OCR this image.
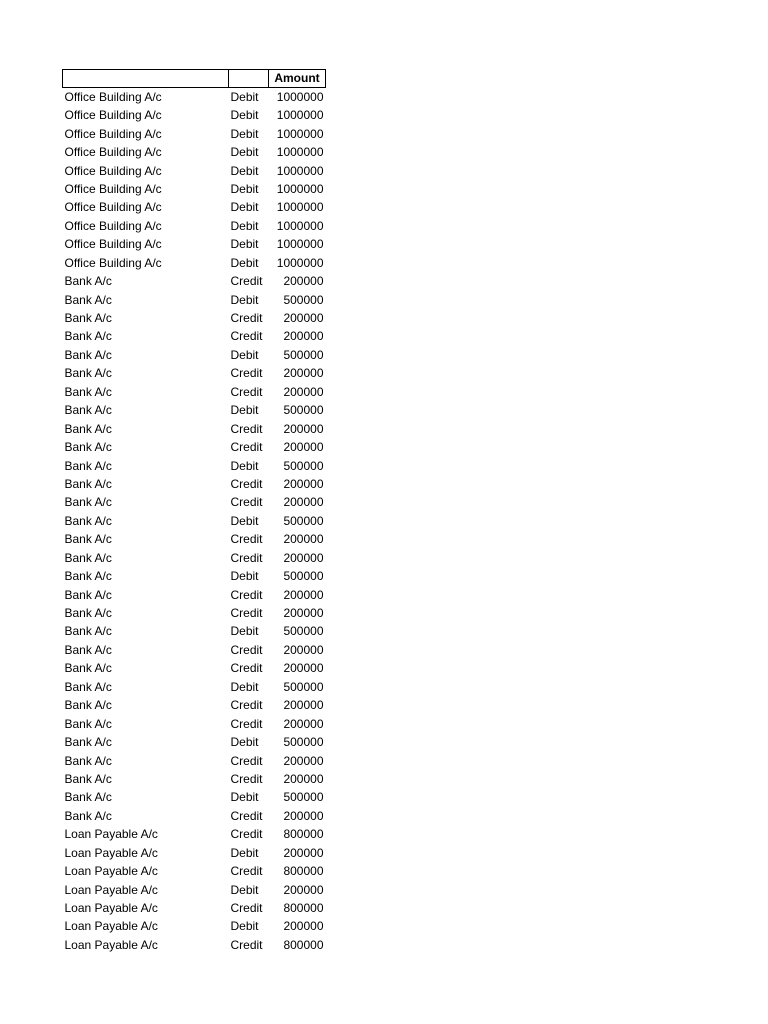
		Amount
Office Building A/c	Debit	1000000
Office Building A/c	Debit	1000000
Office Building A/c	Debit	1000000
Office Building A/c	Debit	1000000
Office Building A/c	Debit	1000000
Office Building A/c	Debit	1000000
Office Building A/c	Debit	1000000
Office Building A/c	Debit	1000000
Office Building A/c	Debit	1000000
Office Building A/c	Debit	1000000
Bank A/c	Credit	200000
Bank A/c	Debit	500000
Bank A/c	Credit	200000
Bank A/c	Credit	200000
Bank A/c	Debit	500000
Bank A/c	Credit	200000
Bank A/c	Credit	200000
Bank A/c	Debit	500000
Bank A/c	Credit	200000
Bank A/c	Credit	200000
Bank A/c	Debit	500000
Bank A/c	Credit	200000
Bank A/c	Credit	200000
Bank A/c	Debit	500000
Bank A/c	Credit	200000
Bank A/c	Credit	200000
Bank A/c	Debit	500000
Bank A/c	Credit	200000
Bank A/c	Credit	200000
Bank A/c	Debit	500000
Bank A/c	Credit	200000
Bank A/c	Credit	200000
Bank A/c	Debit	500000
Bank A/c	Credit	200000
Bank A/c	Credit	200000
Bank A/c	Debit	500000
Bank A/c	Credit	200000
Bank A/c	Credit	200000
Bank A/c	Debit	500000
Bank A/c	Credit	200000
Loan Payable A/c	Credit	800000
Loan Payable A/c	Debit	200000
Loan Payable A/c	Credit	800000
Loan Payable A/c	Debit	200000
Loan Payable A/c	Credit	800000
Loan Payable A/c	Debit	200000
Loan Payable A/c	Credit	800000
